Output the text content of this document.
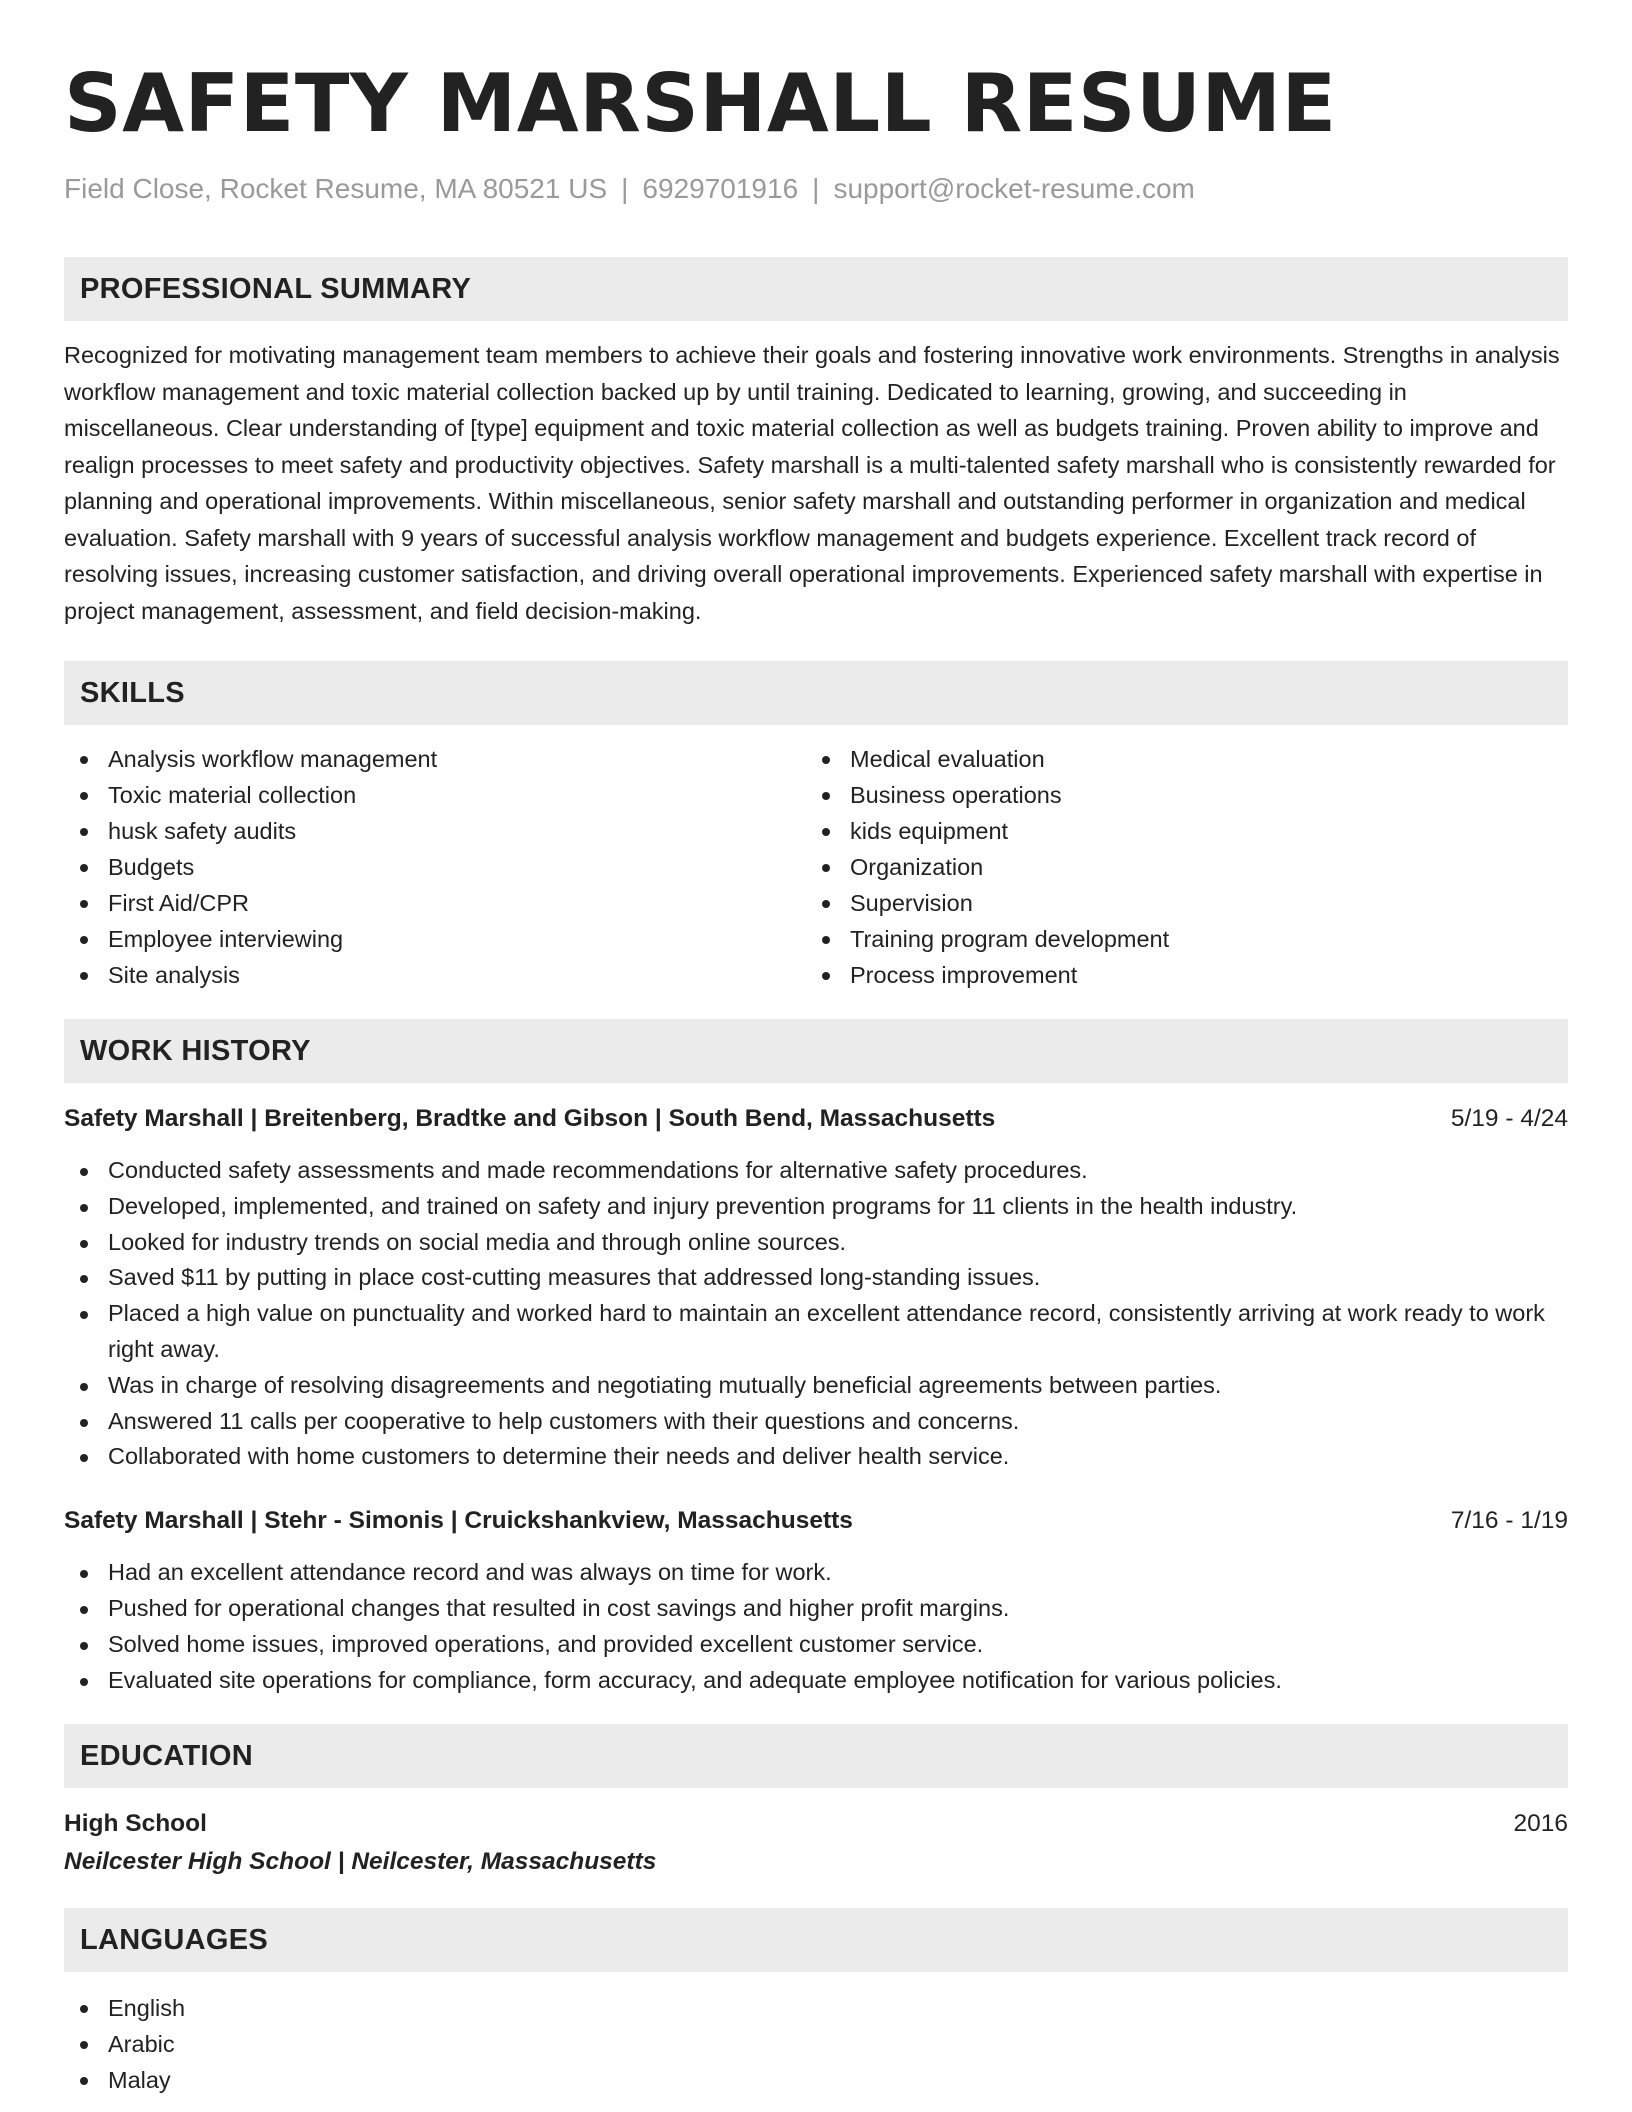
SAFETY MARSHALL RESUME
Field Close, Rocket Resume, MA 80521 US | 6929701916 | support@rocket-resume.com
PROFESSIONAL SUMMARY

Recognized for motivating management team members to achieve their goals and fostering innovative work environments. Strengths in analysis workflow management and toxic material collection backed up by until training. Dedicated to learning, growing, and succeeding in miscellaneous. Clear understanding of [type] equipment and toxic material collection as well as budgets training. Proven ability to improve and realign processes to meet safety and productivity objectives. Safety marshall is a multi-talented safety marshall who is consistently rewarded for planning and operational improvements. Within miscellaneous, senior safety marshall and outstanding performer in organization and medical evaluation. Safety marshall with 9 years of successful analysis workflow management and budgets experience. Excellent track record of resolving issues, increasing customer satisfaction, and driving overall operational improvements. Experienced safety marshall with expertise in project management, assessment, and field decision-making.

SKILLS
Analysis workflow management
Toxic material collection
husk safety audits
Budgets
First Aid/CPR
Employee interviewing
Site analysis
Medical evaluation
Business operations
kids equipment
Organization
Supervision
Training program development
Process improvement
WORK HISTORY
Safety Marshall | Breitenberg, Bradtke and Gibson | South Bend, Massachusetts	5/19 - 4/24
Conducted safety assessments and made recommendations for alternative safety procedures.
Developed, implemented, and trained on safety and injury prevention programs for 11 clients in the health industry.
Looked for industry trends on social media and through online sources.
Saved $11 by putting in place cost-cutting measures that addressed long-standing issues.
Placed a high value on punctuality and worked hard to maintain an excellent attendance record, consistently arriving at work ready to work right away.
Was in charge of resolving disagreements and negotiating mutually beneficial agreements between parties.
Answered 11 calls per cooperative to help customers with their questions and concerns.
Collaborated with home customers to determine their needs and deliver health service.
Safety Marshall | Stehr - Simonis | Cruickshankview, Massachusetts	7/16 - 1/19
Had an excellent attendance record and was always on time for work.
Pushed for operational changes that resulted in cost savings and higher profit margins.
Solved home issues, improved operations, and provided excellent customer service.
Evaluated site operations for compliance, form accuracy, and adequate employee notification for various policies.
EDUCATION
High School	2016
Neilcester High School | Neilcester, Massachusetts
LANGUAGES
English
Arabic
Malay
